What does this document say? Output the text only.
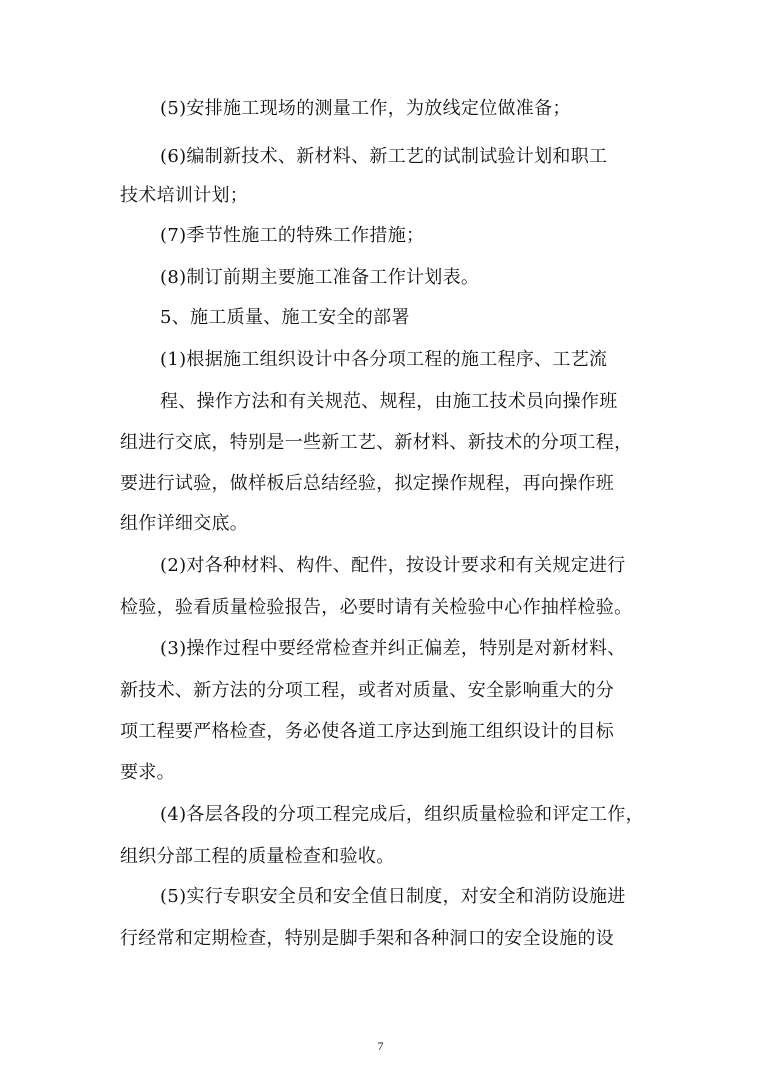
(5)安排施工现场的测量工作，为放线定位做准备；
(6)编制新技术、新材料、新工艺的试制试验计划和职工
技术培训计划；
(7)季节性施工的特殊工作措施；
(8)制订前期主要施工准备工作计划表。
5、施工质量、施工安全的部署
(1)根据施工组织设计中各分项工程的施工程序、工艺流
程、操作方法和有关规范、规程，由施工技术员向操作班
组进行交底，特别是一些新工艺、新材料、新技术的分项工程，
要进行试验，做样板后总结经验，拟定操作规程，再向操作班
组作详细交底。
(2)对各种材料、构件、配件，按设计要求和有关规定进行
检验，验看质量检验报告，必要时请有关检验中心作抽样检验。
(3)操作过程中要经常检查并纠正偏差，特别是对新材料、
新技术、新方法的分项工程，或者对质量、安全影响重大的分
项工程要严格检查，务必使各道工序达到施工组织设计的目标
要求。
(4)各层各段的分项工程完成后，组织质量检验和评定工作，
组织分部工程的质量检查和验收。
(5)实行专职安全员和安全值日制度，对安全和消防设施进
行经常和定期检查，特别是脚手架和各种洞口的安全设施的设
7
